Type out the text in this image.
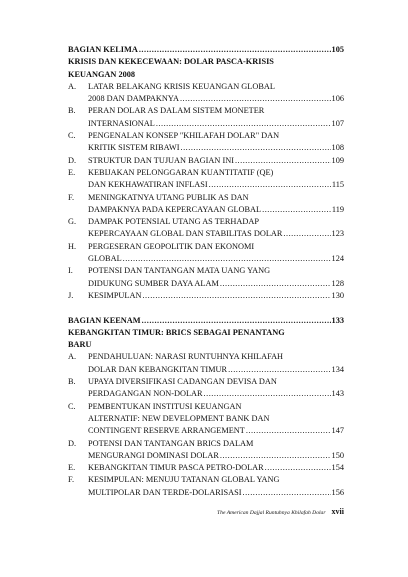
BAGIAN KELIMA .....	105
KRISIS DAN KEKECEWAAN: DOLAR PASCA-KRISIS
KEUANGAN 2008
A.	LATAR BELAKANG KRISIS KEUANGAN GLOBAL
2008 DAN DAMPAKNYA .....	106
B.	PERAN DOLAR AS DALAM SISTEM MONETER
INTERNASIONAL .....	107
C.	PENGENALAN KONSEP "KHILAFAH DOLAR" DAN
KRITIK SISTEM RIBAWI .....	108
D.	STRUKTUR DAN TUJUAN BAGIAN INI .....	109
E.	KEBIJAKAN PELONGGARAN KUANTITATIF (QE)
DAN KEKHAWATIRAN INFLASI .....	115
F.	MENINGKATNYA UTANG PUBLIK AS DAN
DAMPAKNYA PADA KEPERCAYAAN GLOBAL .....	119
G.	DAMPAK POTENSIAL UTANG AS TERHADAP
KEPERCAYAAN GLOBAL DAN STABILITAS DOLAR .....	123
H.	PERGESERAN GEOPOLITIK DAN EKONOMI
GLOBAL .....	124
I.	POTENSI DAN TANTANGAN MATA UANG YANG
DIDUKUNG SUMBER DAYA ALAM .....	128
J.	KESIMPULAN .....	130
BAGIAN KEENAM .....	133
KEBANGKITAN TIMUR: BRICS SEBAGAI PENANTANG
BARU
A.	PENDAHULUAN: NARASI RUNTUHNYA KHILAFAH
DOLAR DAN KEBANGKITAN TIMUR .....	134
B.	UPAYA DIVERSIFIKASI CADANGAN DEVISA DAN
PERDAGANGAN NON-DOLAR .....	143
C.	PEMBENTUKAN INSTITUSI KEUANGAN
ALTERNATIF: NEW DEVELOPMENT BANK DAN
CONTINGENT RESERVE ARRANGEMENT .....	147
D.	POTENSI DAN TANTANGAN BRICS DALAM
MENGURANGI DOMINASI DOLAR .....	150
E.	KEBANGKITAN TIMUR PASCA PETRO-DOLAR .....	154
F.	KESIMPULAN: MENUJU TATANAN GLOBAL YANG
MULTIPOLAR DAN TERDE-DOLARISASI .....	156
The American Dajjal Runtuhnya Khilafah Dolar xvii
